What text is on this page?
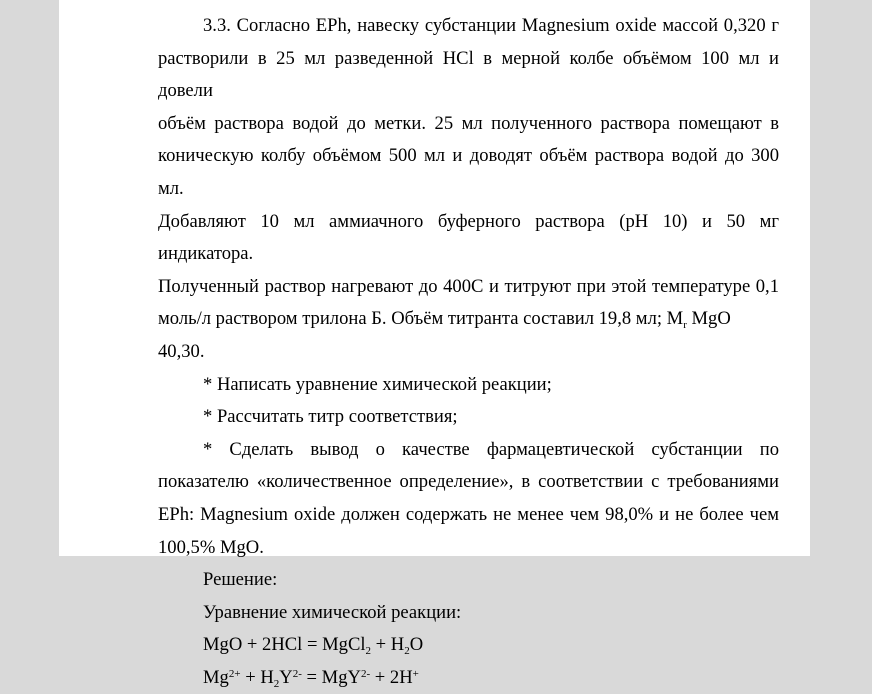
3.3. Согласно EPh, навеску субстанции Magnesium oxide массой 0,320 г

растворили в 25 мл разведенной HCl в мерной колбе объёмом 100 мл и довели

объём раствора водой до метки. 25 мл полученного раствора помещают в

коническую колбу объёмом 500 мл и доводят объём раствора водой до 300 мл.

Добавляют 10 мл аммиачного буферного раствора (pH 10) и 50 мг индикатора.

Полученный раствор нагревают до 400С и титруют при этой температуре 0,1

моль/л раствором трилона Б. Объём титранта составил 19,8 мл; $M_r$ MgO 40,30.

* Написать уравнение химической реакции;

* Рассчитать титр соответствия;

* Сделать вывод о качестве фармацевтической субстанции по

показателю «количественное определение», в соответствии с требованиями

EPh: Magnesium oxide должен содержать не менее чем 98,0% и не более чем

100,5% MgO.

Решение:

Уравнение химической реакции:

MgO + 2HCl = MgCl$_2$ + $H_2O$

$Mg^{2+} + H_2Y^{2-} = MgY^{2-} + 2H^+$
